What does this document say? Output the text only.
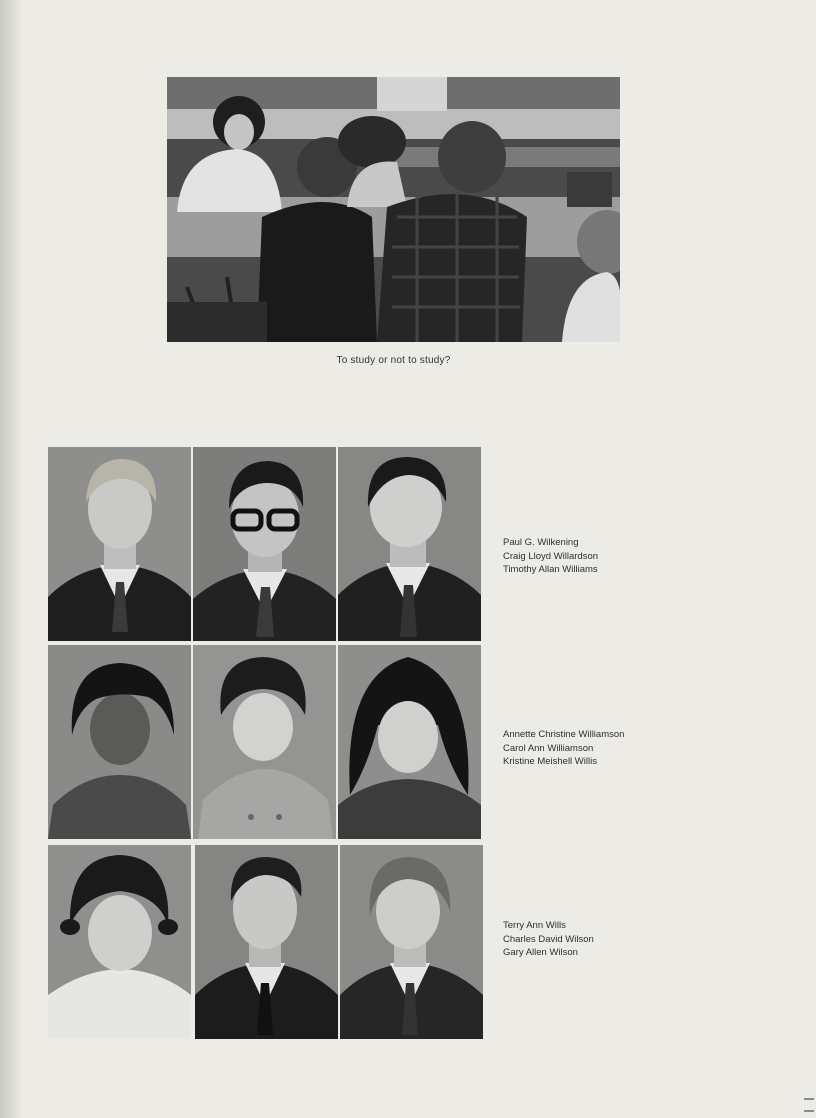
To study or not to study?
Paul G. Wilkening
Craig Lloyd Willardson
Timothy Allan Williams
Annette Christine Williamson
Carol Ann Williamson
Kristine Meishell Willis
Terry Ann Wills
Charles David Wilson
Gary Allen Wilson
